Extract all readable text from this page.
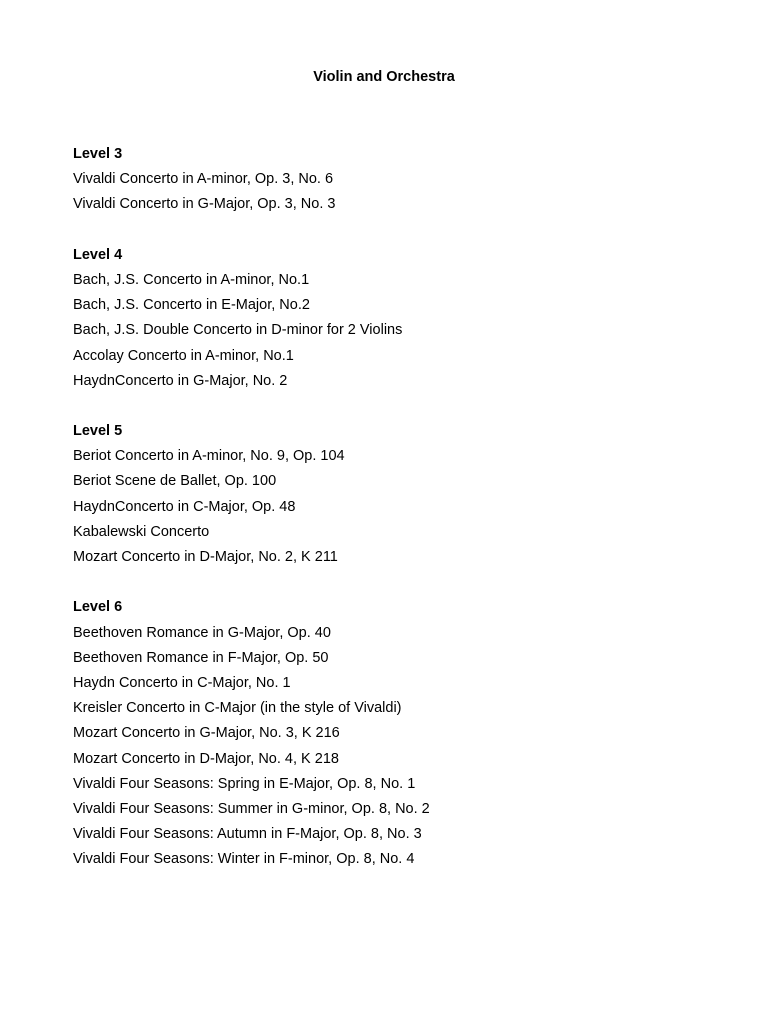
Violin and Orchestra
Level 3
Vivaldi Concerto in A-minor, Op. 3, No. 6
Vivaldi Concerto in G-Major, Op. 3, No. 3
Level 4
Bach, J.S. Concerto in A-minor, No.1
Bach, J.S. Concerto in E-Major, No.2
Bach, J.S. Double Concerto in D-minor for 2 Violins
Accolay Concerto in A-minor, No.1
HaydnConcerto in G-Major, No. 2
Level 5
Beriot Concerto in A-minor, No. 9, Op. 104
Beriot Scene de Ballet, Op. 100
HaydnConcerto in C-Major, Op. 48
Kabalewski Concerto
Mozart Concerto in D-Major, No. 2, K 211
Level 6
Beethoven Romance in G-Major, Op. 40
Beethoven Romance in F-Major, Op. 50
Haydn Concerto in C-Major, No. 1
Kreisler Concerto in C-Major (in the style of Vivaldi)
Mozart Concerto in G-Major, No. 3, K 216
Mozart Concerto in D-Major, No. 4, K 218
Vivaldi Four Seasons: Spring in E-Major, Op. 8, No. 1
Vivaldi Four Seasons: Summer in G-minor, Op. 8, No. 2
Vivaldi Four Seasons: Autumn in F-Major, Op. 8, No. 3
Vivaldi Four Seasons: Winter in F-minor, Op. 8, No. 4
